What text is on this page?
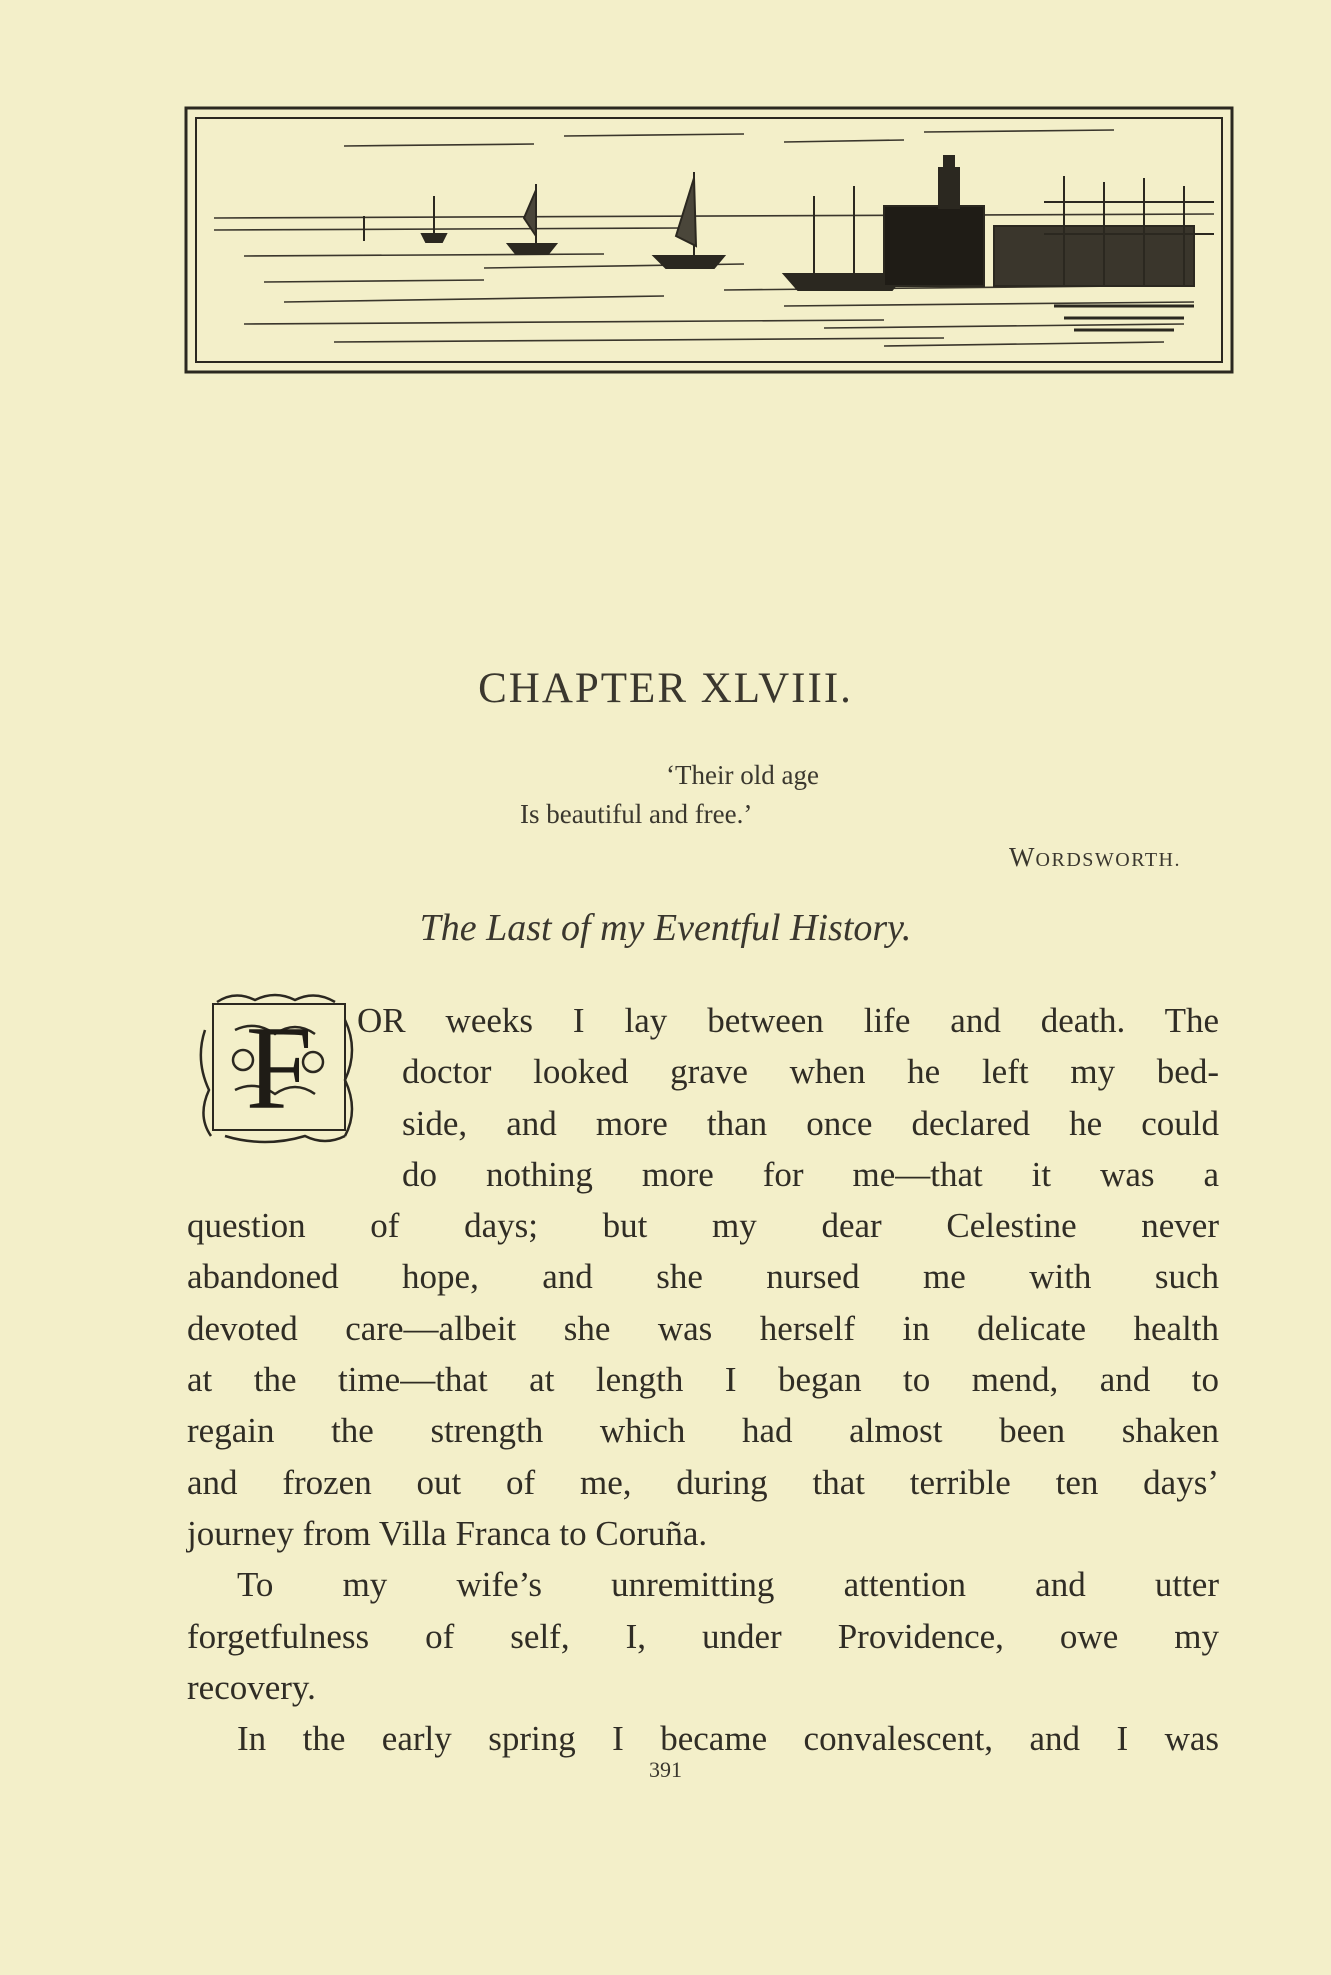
CHAPTER XLVIII.
‘Their old age
Is beautiful and free.’
WORDSWORTH.
The Last of my Eventful History.
F	OR weeks I lay between life and death. The
doctor looked grave when he left my bed-
side, and more than once declared he could
do nothing more for me—that it was a
question of days; but my dear Celestine never
abandoned hope, and she nursed me with such
devoted care—albeit she was herself in delicate health
at the time—that at length I began to mend, and to
regain the strength which had almost been shaken
and frozen out of me, during that terrible ten days’
journey from Villa Franca to Coruña.
To my wife’s unremitting attention and utter
forgetfulness of self, I, under Providence, owe my
recovery.
In the early spring I became convalescent, and I was
391
